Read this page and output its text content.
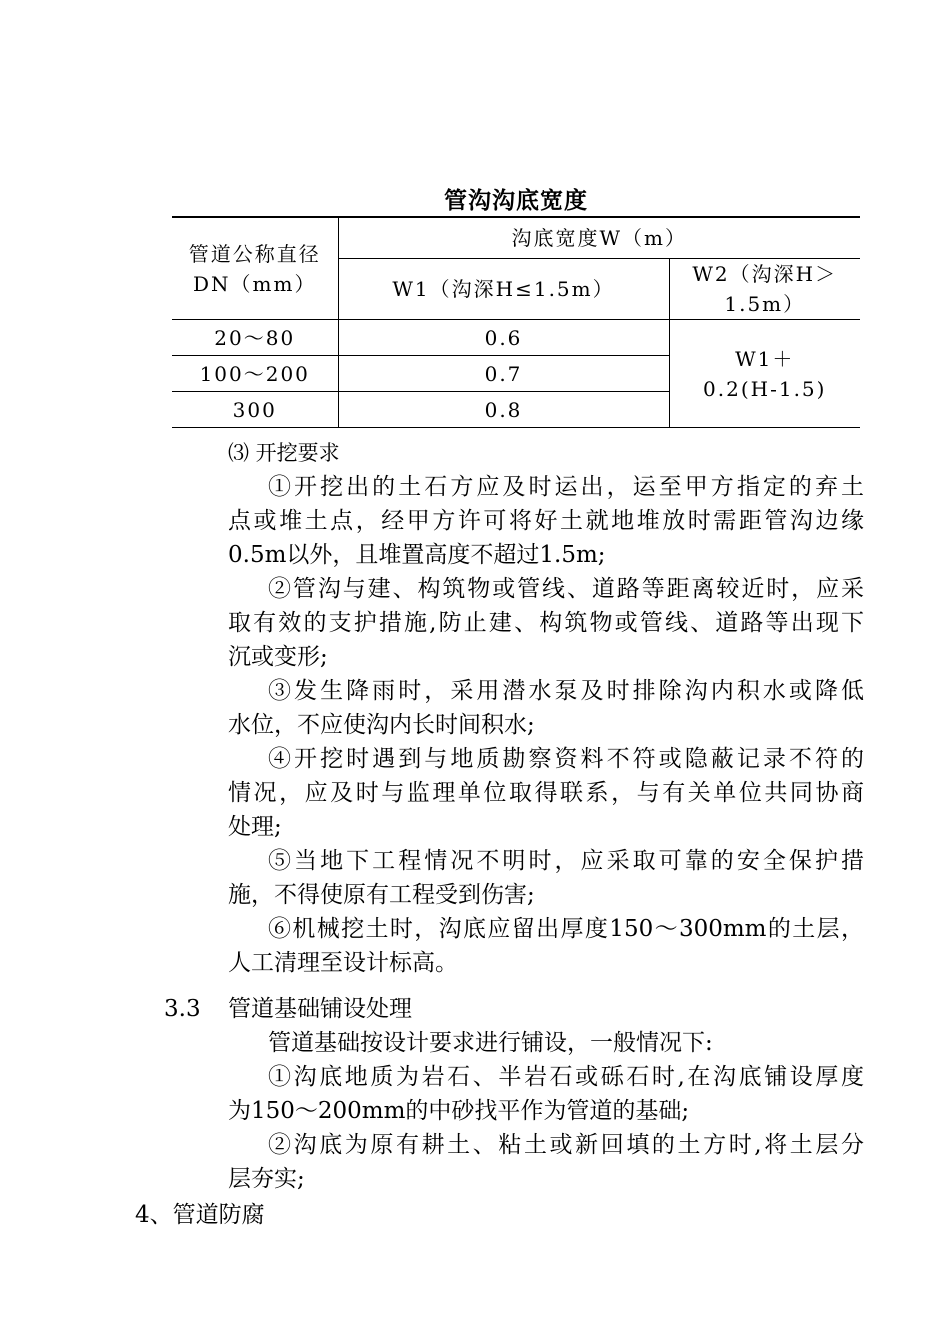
管沟沟底宽度
管道公称直径DN（mm）	沟底宽度W（m）	
	W1（沟深H≤1.5m）	W2（沟深H＞1.5m）
20～80	0.6	W1＋
0.2(H-1.5)
100～200	0.7	
300	0.8	
⑶ 开挖要求
①开挖出的土石方应及时运出，运至甲方指定的弃土
点或堆土点，经甲方许可将好土就地堆放时需距管沟边缘
0.5m以外，且堆置高度不超过1.5m;
②管沟与建、构筑物或管线、道路等距离较近时，应采
取有效的支护措施,防止建、构筑物或管线、道路等出现下
沉或变形;
③发生降雨时，采用潜水泵及时排除沟内积水或降低
水位，不应使沟内长时间积水;
④开挖时遇到与地质勘察资料不符或隐蔽记录不符的
情况，应及时与监理单位取得联系，与有关单位共同协商
处理;
⑤当地下工程情况不明时，应采取可靠的安全保护措
施，不得使原有工程受到伤害;
⑥机械挖土时，沟底应留出厚度150～300mm的土层，
人工清理至设计标高。
3.3 管道基础铺设处理
管道基础按设计要求进行铺设，一般情况下:
①沟底地质为岩石、半岩石或砾石时,在沟底铺设厚度
为150～200mm的中砂找平作为管道的基础;
②沟底为原有耕土、粘土或新回填的土方时,将土层分
层夯实;
4、管道防腐
